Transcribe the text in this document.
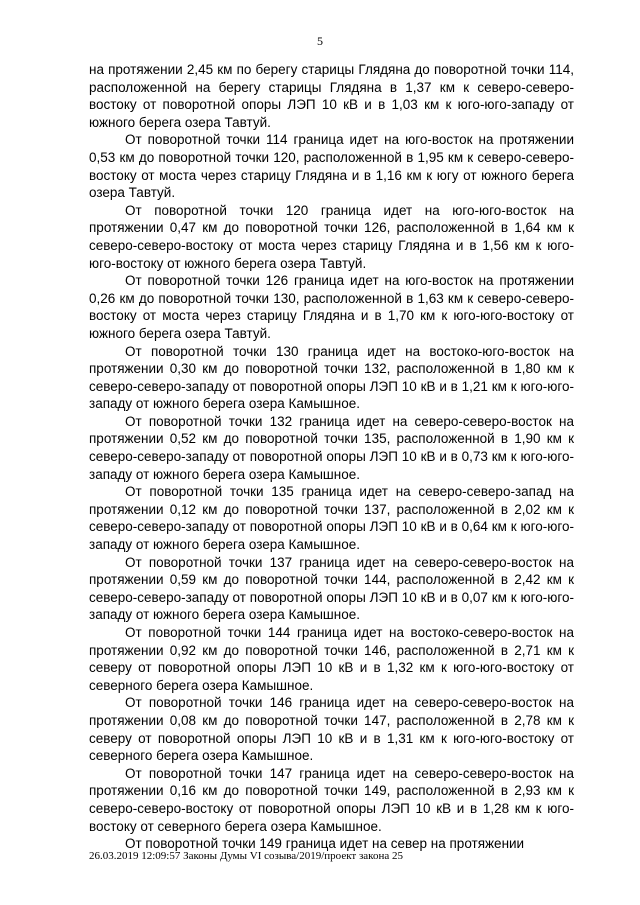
5

на протяжении 2,45 км по берегу старицы Глядяна до поворотной точки 114, расположенной на берегу старицы Глядяна в 1,37 км к северо-северо-востоку от поворотной опоры ЛЭП 10 кВ и в 1,03 км к юго-юго-западу от южного берега озера Тавтуй.

От поворотной точки 114 граница идет на юго-восток на протяжении 0,53 км до поворотной точки 120, расположенной в 1,95 км к северо-северо-востоку от моста через старицу Глядяна и в 1,16 км к югу от южного берега озера Тавтуй.

От поворотной точки 120 граница идет на юго-юго-восток на протяжении 0,47 км до поворотной точки 126, расположенной в 1,64 км к северо-северо-востоку от моста через старицу Глядяна и в 1,56 км к юго-юго-востоку от южного берега озера Тавтуй.

От поворотной точки 126 граница идет на юго-восток на протяжении 0,26 км до поворотной точки 130, расположенной в 1,63 км к северо-северо-востоку от моста через старицу Глядяна и в 1,70 км к юго-юго-востоку от южного берега озера Тавтуй.

От поворотной точки 130 граница идет на востоко-юго-восток на протяжении 0,30 км до поворотной точки 132, расположенной в 1,80 км к северо-северо-западу от поворотной опоры ЛЭП 10 кВ и в 1,21 км к юго-юго-западу от южного берега озера Камышное.

От поворотной точки 132 граница идет на северо-северо-восток на протяжении 0,52 км до поворотной точки 135, расположенной в 1,90 км к северо-северо-западу от поворотной опоры ЛЭП 10 кВ и в 0,73 км к юго-юго-западу от южного берега озера Камышное.

От поворотной точки 135 граница идет на северо-северо-запад на протяжении 0,12 км до поворотной точки 137, расположенной в 2,02 км к северо-северо-западу от поворотной опоры ЛЭП 10 кВ и в 0,64 км к юго-юго-западу от южного берега озера Камышное.

От поворотной точки 137 граница идет на северо-северо-восток на протяжении 0,59 км до поворотной точки 144, расположенной в 2,42 км к северо-северо-западу от поворотной опоры ЛЭП 10 кВ и в 0,07 км к юго-юго-западу от южного берега озера Камышное.

От поворотной точки 144 граница идет на востоко-северо-восток на протяжении 0,92 км до поворотной точки 146, расположенной в 2,71 км к северу от поворотной опоры ЛЭП 10 кВ и в 1,32 км к юго-юго-востоку от северного берега озера Камышное.

От поворотной точки 146 граница идет на северо-северо-восток на протяжении 0,08 км до поворотной точки 147, расположенной в 2,78 км к северу от поворотной опоры ЛЭП 10 кВ и в 1,31 км к юго-юго-востоку от северного берега озера Камышное.

От поворотной точки 147 граница идет на северо-северо-восток на протяжении 0,16 км до поворотной точки 149, расположенной в 2,93 км к северо-северо-востоку от поворотной опоры ЛЭП 10 кВ и в 1,28 км к юго-востоку от северного берега озера Камышное.

От поворотной точки 149 граница идет на север на протяжении

26.03.2019 12:09:57 Законы Думы VI созыва/2019/проект закона 25
